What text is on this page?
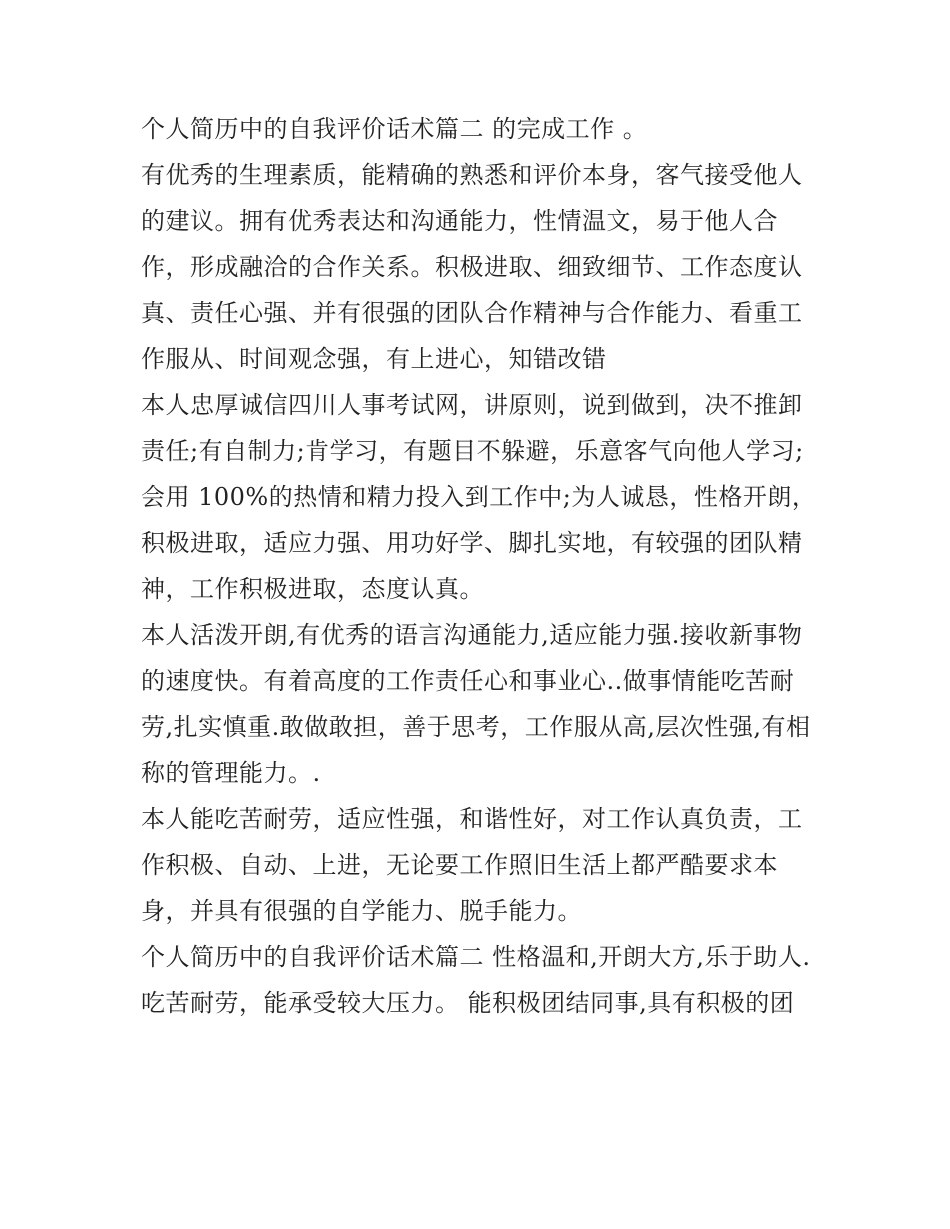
个人简历中的自我评价话术篇二 的完成工作 。
有优秀的生理素质，能精确的熟悉和评价本身，客气接受他人
的建议。拥有优秀表达和沟通能力，性情温文，易于他人合
作，形成融洽的合作关系。积极进取、细致细节、工作态度认
真、责任心强、并有很强的团队合作精神与合作能力、看重工
作服从、时间观念强，有上进心，知错改错
本人忠厚诚信四川人事考试网，讲原则，说到做到，决不推卸
责任;有自制力;肯学习，有题目不躲避，乐意客气向他人学习;
会用 100%的热情和精力投入到工作中;为人诚恳，性格开朗，
积极进取，适应力强、用功好学、脚扎实地，有较强的团队精
神，工作积极进取，态度认真。
本人活泼开朗,有优秀的语言沟通能力,适应能力强.接收新事物
的速度快。有着高度的工作责任心和事业心..做事情能吃苦耐
劳,扎实慎重.敢做敢担，善于思考，工作服从高,层次性强,有相
称的管理能力。.
本人能吃苦耐劳，适应性强，和谐性好，对工作认真负责，工
作积极、自动、上进，无论要工作照旧生活上都严酷要求本
身，并具有很强的自学能力、脱手能力。
个人简历中的自我评价话术篇二 性格温和,开朗大方,乐于助人.
吃苦耐劳，能承受较大压力。 能积极团结同事,具有积极的团
